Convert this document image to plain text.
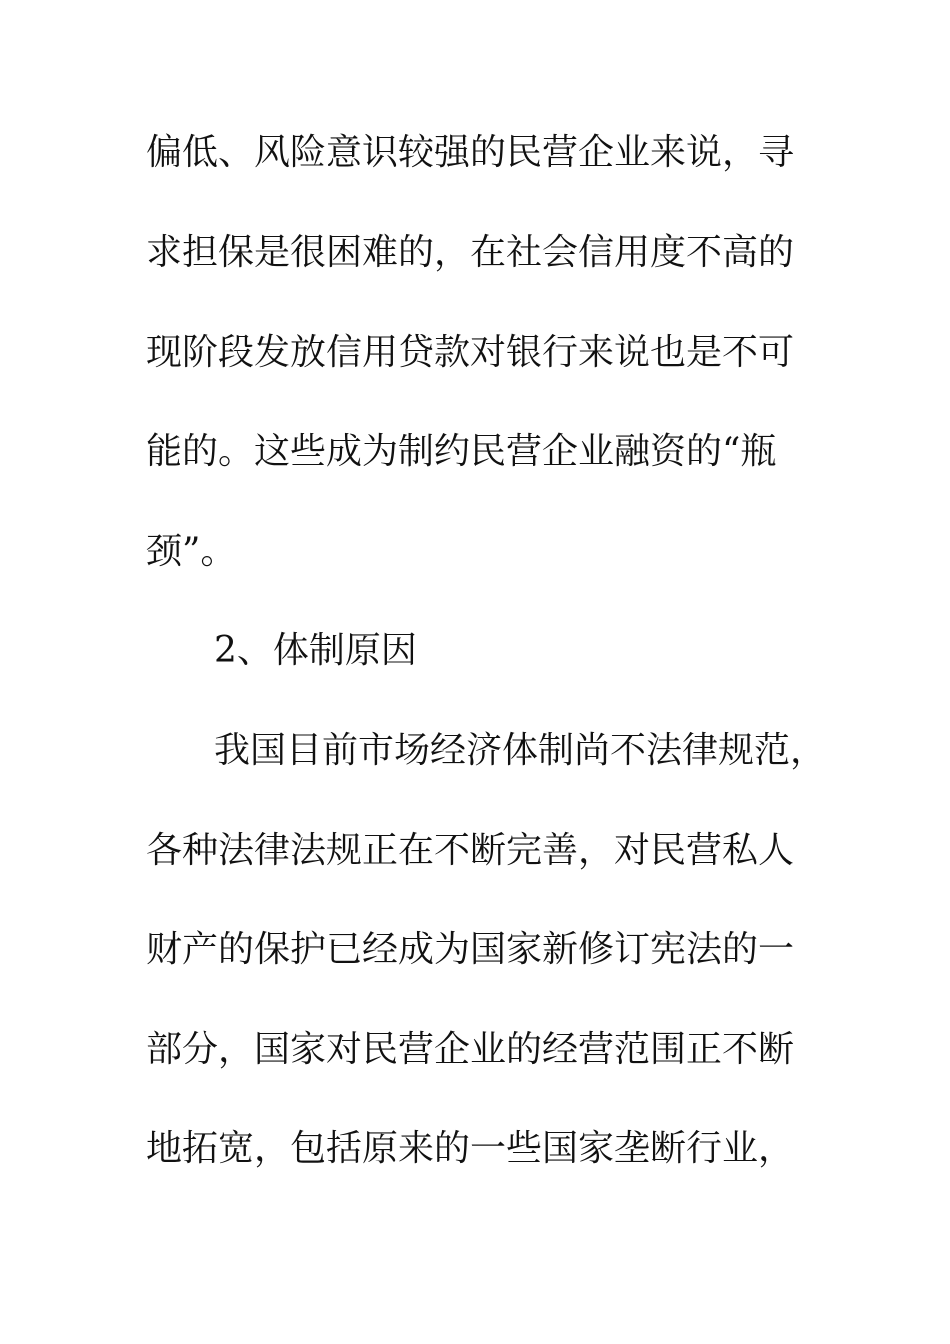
偏低、风险意识较强的民营企业来说，寻
求担保是很困难的，在社会信用度不高的
现阶段发放信用贷款对银行来说也是不可
能的。这些成为制约民营企业融资的“瓶
颈”。
2、体制原因
我国目前市场经济体制尚不法律规范，
各种法律法规正在不断完善，对民营私人
财产的保护已经成为国家新修订宪法的一
部分，国家对民营企业的经营范围正不断
地拓宽，包括原来的一些国家垄断行业，
